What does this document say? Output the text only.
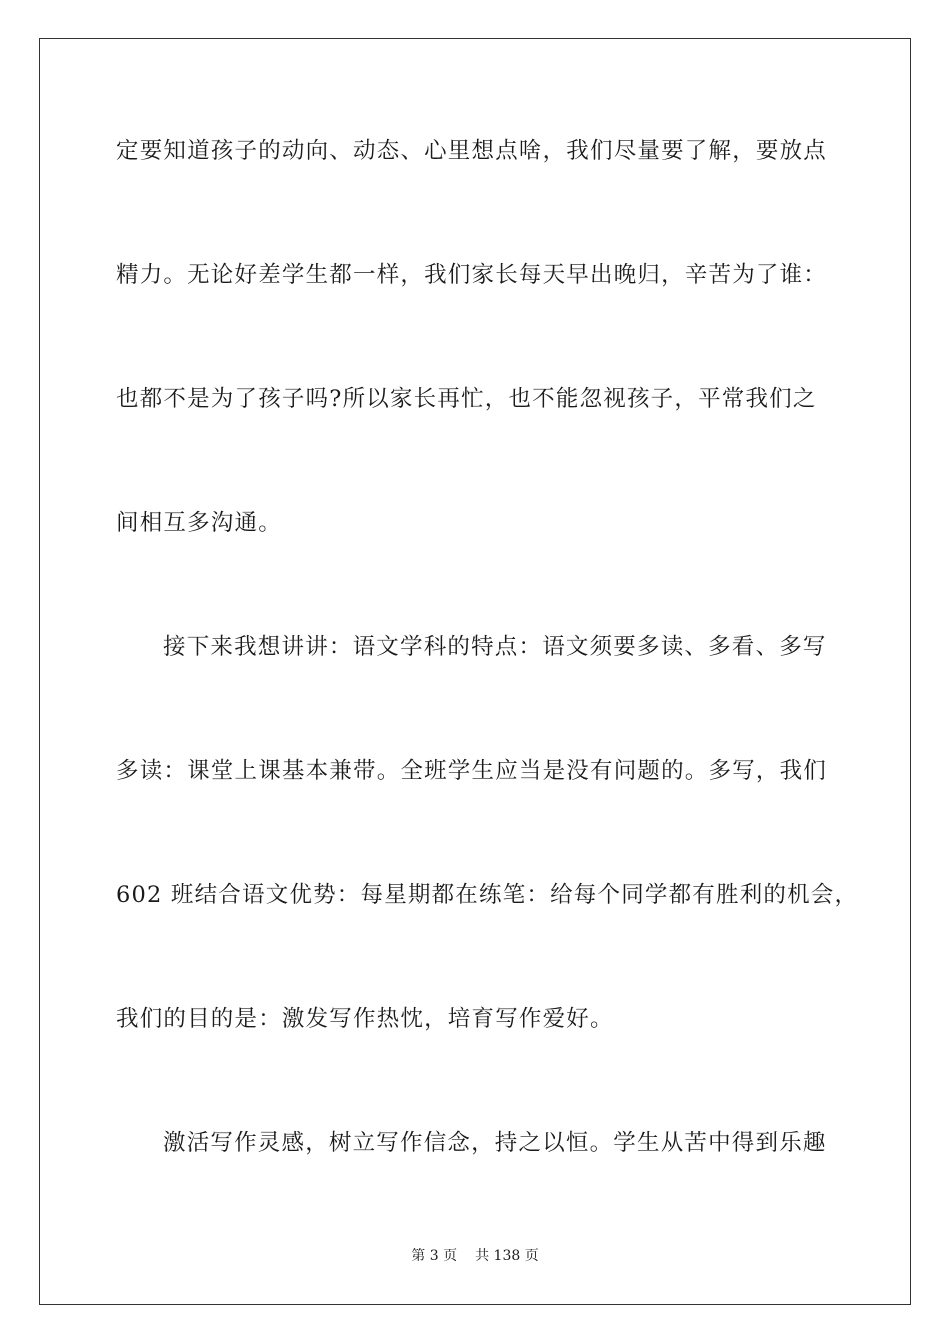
定要知道孩子的动向、动态、心里想点啥，我们尽量要了解，要放点
精力。无论好差学生都一样，我们家长每天早出晚归，辛苦为了谁：
也都不是为了孩子吗?所以家长再忙，也不能忽视孩子，平常我们之
间相互多沟通。
接下来我想讲讲：语文学科的特点：语文须要多读、多看、多写
多读：课堂上课基本兼带。全班学生应当是没有问题的。多写，我们
602 班结合语文优势：每星期都在练笔：给每个同学都有胜利的机会，
我们的目的是：激发写作热忱，培育写作爱好。
激活写作灵感，树立写作信念，持之以恒。学生从苦中得到乐趣
第 3 页 共 138 页
